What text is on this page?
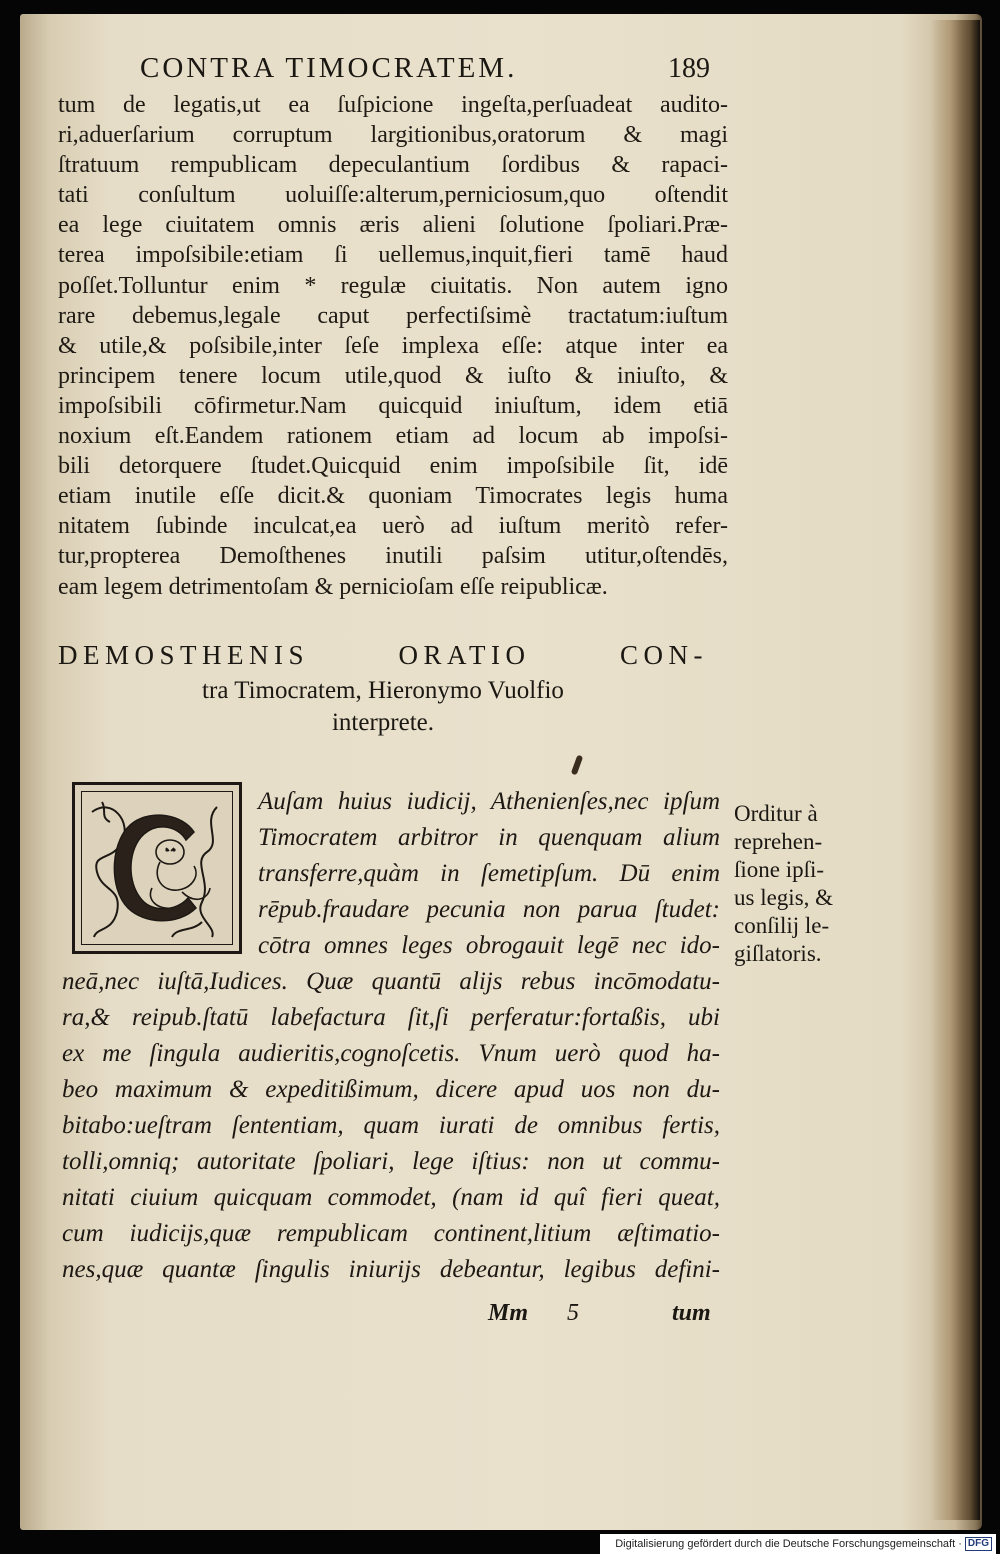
CONTRA TIMOCRATEM.	189
tum de legatis,ut ea ſuſpicione ingeſta,perſuadeat audito-
ri,aduerſarium corruptum largitionibus,oratorum & magi
ſtratuum rempublicam depeculantium ſordibus & rapaci-
tati conſultum uoluiſſe:alterum,perniciosum,quo oſtendit
ea lege ciuitatem omnis æris alieni ſolutione ſpoliari.Præ-
terea impoſsibile:etiam ſi uellemus,inquit,fieri tamē haud
poſſet.Tolluntur enim * regulæ ciuitatis. Non autem igno
rare debemus,legale caput perfectiſsimè tractatum:iuſtum
& utile,& poſsibile,inter ſeſe implexa eſſe: atque inter ea
principem tenere locum utile,quod & iuſto & iniuſto, &
impoſsibili cōfirmetur.Nam quicquid iniuſtum, idem etiā
noxium eſt.Eandem rationem etiam ad locum ab impoſsi-
bili detorquere ſtudet.Quicquid enim impoſsibile ſit, idē
etiam inutile eſſe dicit.& quoniam Timocrates legis huma
nitatem ſubinde inculcat,ea uerò ad iuſtum meritò refer-
tur,propterea Demoſthenes inutili paſsim utitur,oſtendēs,
eam legem detrimentoſam & pernicioſam eſſe reipublicæ.
DEMOSTHENIS ORATIO CON-
tra Timocratem, Hieronymo Vuolfio
interprete.
Auſam huius iudicij, Athenienſes,nec ipſum
Timocratem arbitror in quenquam alium
transferre,quàm in ſemetipſum. Dū enim
rēpub.fraudare pecunia non parua ſtudet:
cōtra omnes leges obrogauit legē nec ido-
neā,nec iuſtā,Iudices. Quæ quantū alijs rebus incōmodatu-
ra,& reipub.ſtatū labefactura ſit,ſi perferatur:fortaßis, ubi
ex me ſingula audieritis,cognoſcetis. Vnum uerò quod ha-
beo maximum & expeditißimum, dicere apud uos non du-
bitabo:ueſtram ſententiam, quam iurati de omnibus fertis,
tolli,omniq; autoritate ſpoliari, lege iſtius: non ut commu-
nitati ciuium quicquam commodet, (nam id quî fieri queat,
cum iudicijs,quæ rempublicam continent,litium æſtimatio-
nes,quæ quantæ ſingulis iniurijs debeantur, legibus defini-
Orditur à
reprehen-
ſione ipſi-
us legis, &
conſilij le-
giſlatoris.
Mm	5	tum
Digitalisierung gefördert durch die Deutsche Forschungsgemeinschaft · DFG
